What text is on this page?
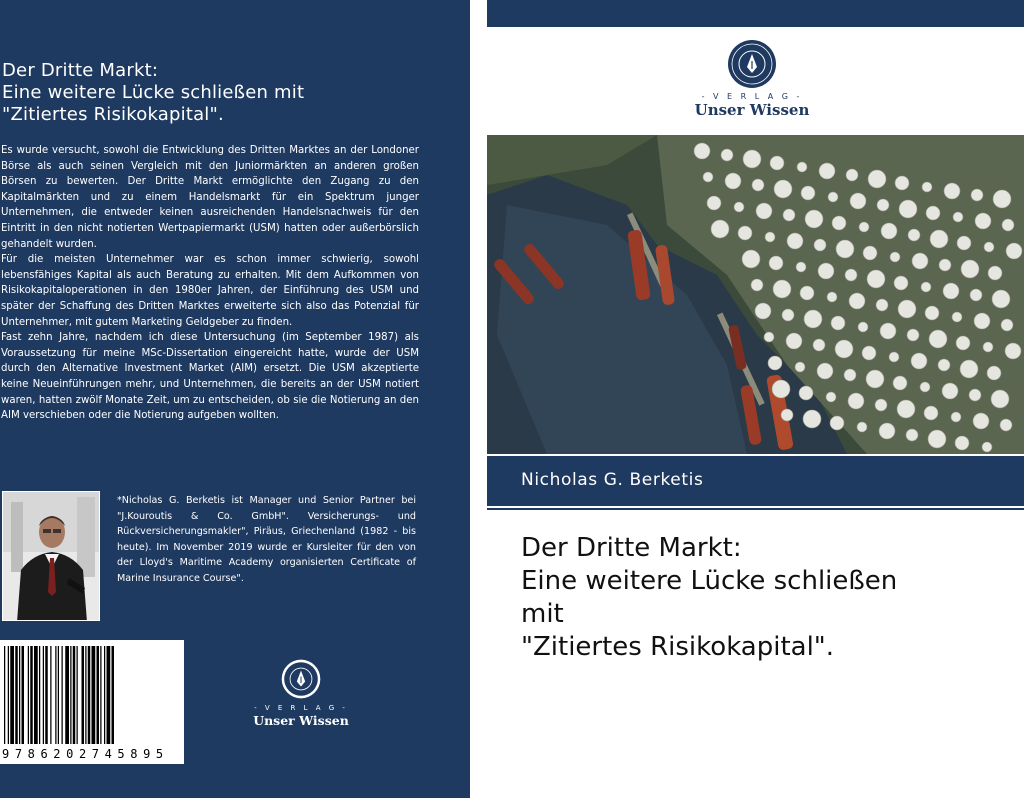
Der Dritte Markt:
Eine weitere Lücke schließen mit
"Zitiertes Risikokapital".

Es wurde versucht, sowohl die Entwicklung des Dritten Marktes an der Londoner Börse als auch seinen Vergleich mit den Juniormärkten an anderen großen Börsen zu bewerten. Der Dritte Markt ermöglichte den Zugang zu den Kapitalmärkten und zu einem Handelsmarkt für ein Spektrum junger Unternehmen, die entweder keinen ausreichenden Handelsnachweis für den Eintritt in den nicht notierten Wertpapiermarkt (USM) hatten oder außerbörslich gehandelt wurden.

Für die meisten Unternehmer war es schon immer schwierig, sowohl lebensfähiges Kapital als auch Beratung zu erhalten. Mit dem Aufkommen von Risikokapitaloperationen in den 1980er Jahren, der Einführung des USM und später der Schaffung des Dritten Marktes erweiterte sich also das Potenzial für Unternehmer, mit gutem Marketing Geldgeber zu finden.

Fast zehn Jahre, nachdem ich diese Untersuchung (im September 1987) als Voraussetzung für meine MSc-Dissertation eingereicht hatte, wurde der USM durch den Alternative Investment Market (AIM) ersetzt. Die USM akzeptierte keine Neueinführungen mehr, und Unternehmen, die bereits an der USM notiert waren, hatten zwölf Monate Zeit, um zu entscheiden, ob sie die Notierung an den AIM verschieben oder die Notierung aufgeben wollten.

*Nicholas G. Berketis ist Manager und Senior Partner bei "J.Kouroutis & Co. GmbH". Versicherungs- und Rückversicherungsmakler", Piräus, Griechenland (1982 - bis heute). Im November 2019 wurde er Kursleiter für den von der Lloyd's Maritime Academy organisierten Certificate of Marine Insurance Course".
9786202745895
- V E R L A G -
Unser Wissen
- V E R L A G -
Unser Wissen
Nicholas G. Berketis
Der Dritte Markt:
Eine weitere Lücke schließen
mit
"Zitiertes Risikokapital".
